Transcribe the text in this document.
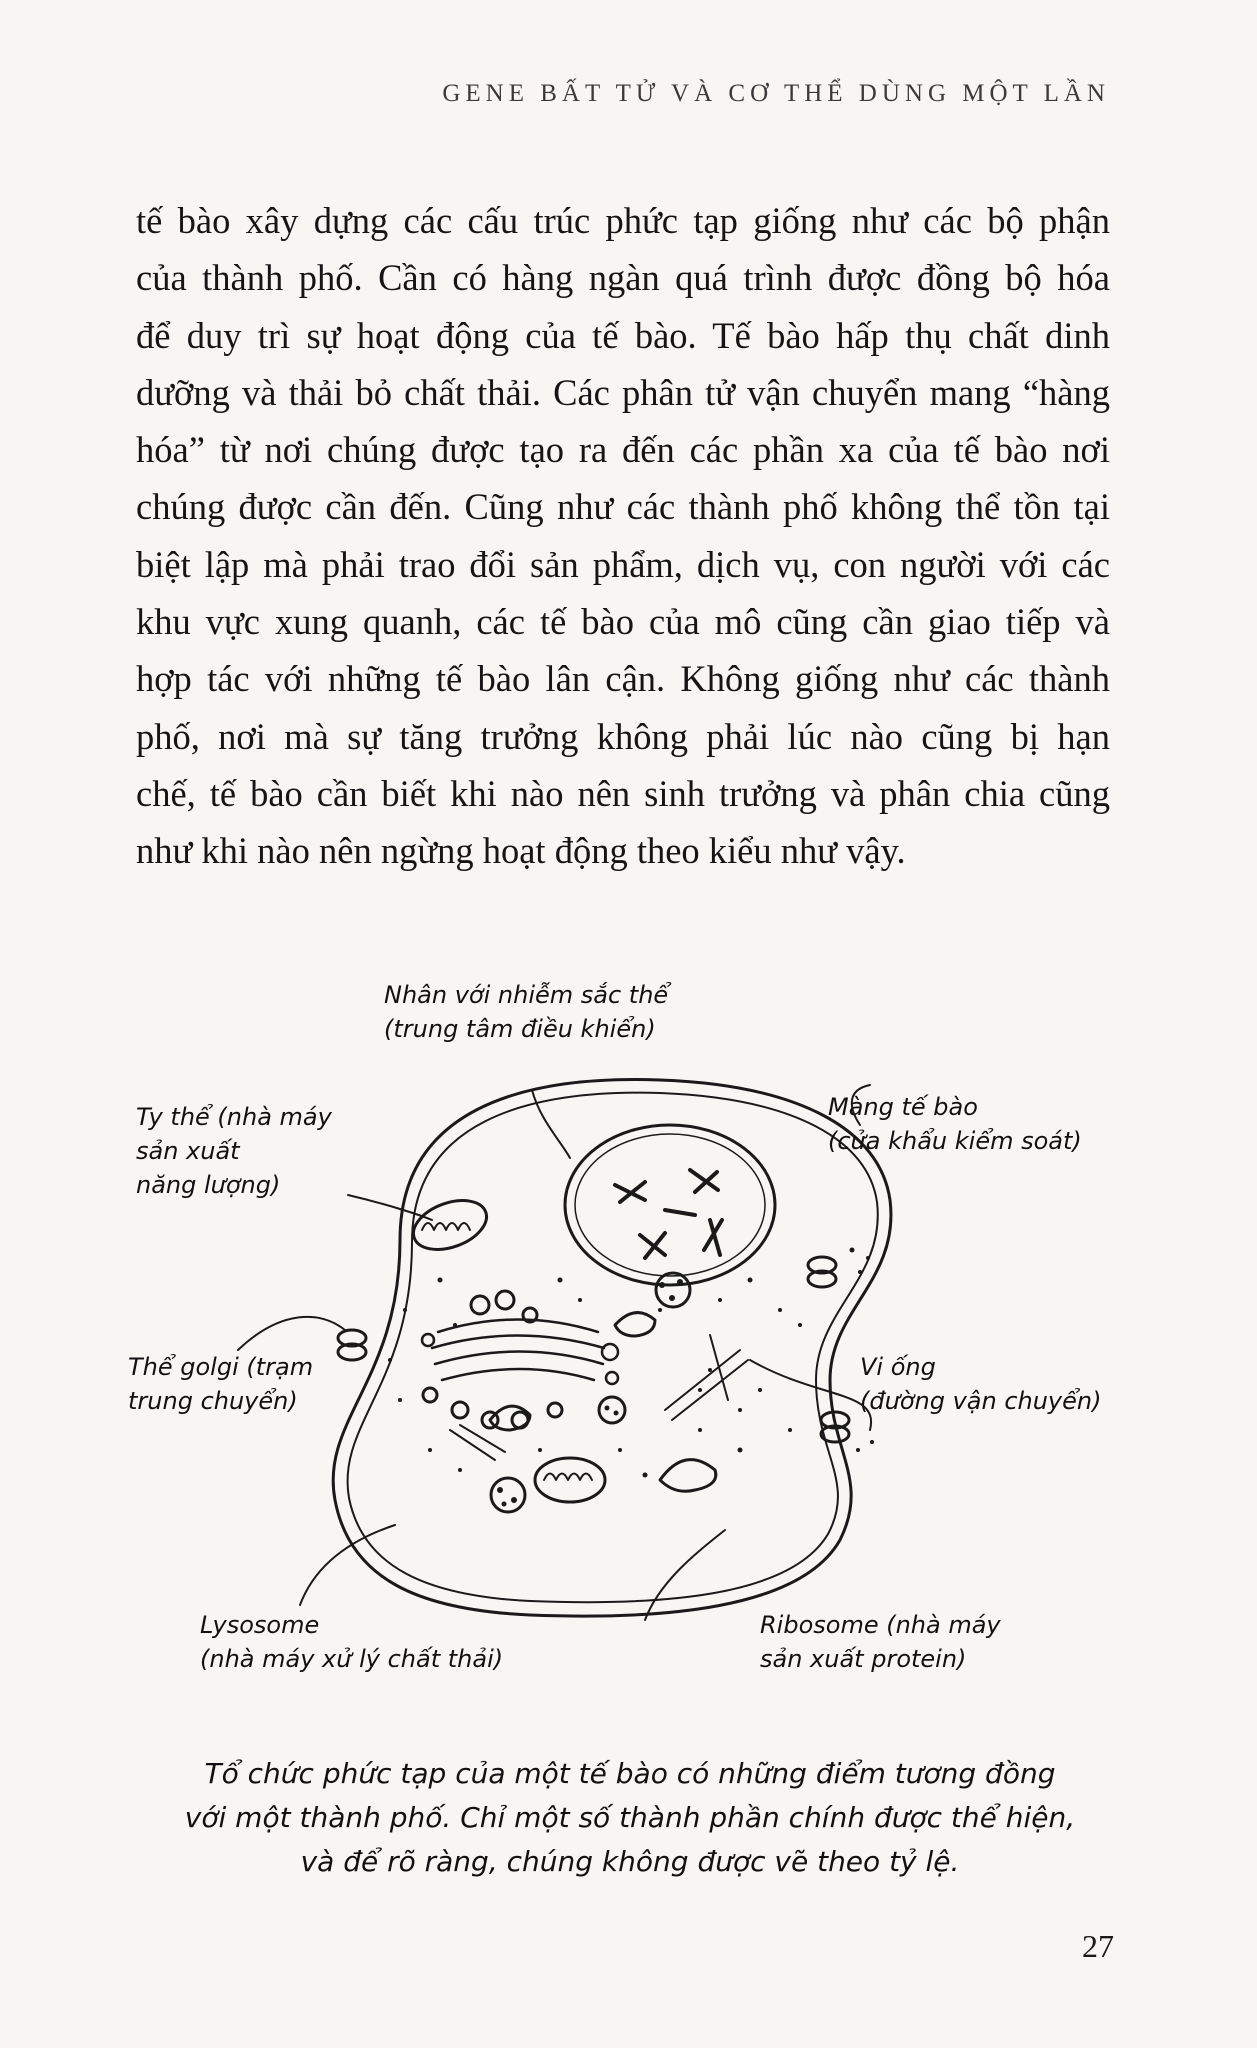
GENE BẤT TỬ VÀ CƠ THỂ DÙNG MỘT LẦN
tế bào xây dựng các cấu trúc phức tạp giống như các bộ phận
của thành phố. Cần có hàng ngàn quá trình được đồng bộ hóa
để duy trì sự hoạt động của tế bào. Tế bào hấp thụ chất dinh
dưỡng và thải bỏ chất thải. Các phân tử vận chuyển mang “hàng
hóa” từ nơi chúng được tạo ra đến các phần xa của tế bào nơi
chúng được cần đến. Cũng như các thành phố không thể tồn tại
biệt lập mà phải trao đổi sản phẩm, dịch vụ, con người với các
khu vực xung quanh, các tế bào của mô cũng cần giao tiếp và
hợp tác với những tế bào lân cận. Không giống như các thành
phố, nơi mà sự tăng trưởng không phải lúc nào cũng bị hạn
chế, tế bào cần biết khi nào nên sinh trưởng và phân chia cũng
như khi nào nên ngừng hoạt động theo kiểu như vậy.
Nhân với nhiễm sắc thể
(trung tâm điều khiển)
Ty thể (nhà máy
sản xuất
năng lượng)
Màng tế bào
(cửa khẩu kiểm soát)
Thể golgi (trạm
trung chuyển)
Vi ống
(đường vận chuyển)
Lysosome
(nhà máy xử lý chất thải)
Ribosome (nhà máy
sản xuất protein)
Tổ chức phức tạp của một tế bào có những điểm tương đồng
với một thành phố. Chỉ một số thành phần chính được thể hiện,
và để rõ ràng, chúng không được vẽ theo tỷ lệ.
27
